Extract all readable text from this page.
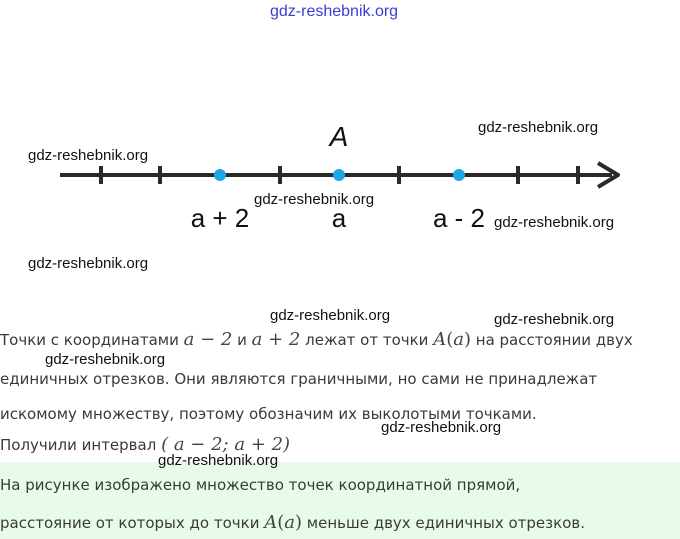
gdz-reshebnik.org
A
a + 2	a	a - 2
gdz-reshebnik.org
gdz-reshebnik.org
gdz-reshebnik.org
gdz-reshebnik.org
gdz-reshebnik.org
gdz-reshebnik.org	gdz-reshebnik.org
Точки с координатами a − 2 и a + 2 лежат от точки A(a) на расстоянии двух
gdz-reshebnik.org
единичных отрезков. Они являются граничными, но сами не принадлежат
искомому множеству, поэтому обозначим их выколотыми точками.
gdz-reshebnik.org
Получили интервал ( a − 2; a + 2)
gdz-reshebnik.org
На рисунке изображено множество точек координатной прямой,
расстояние от которых до точки A(a) меньше двух единичных отрезков.
